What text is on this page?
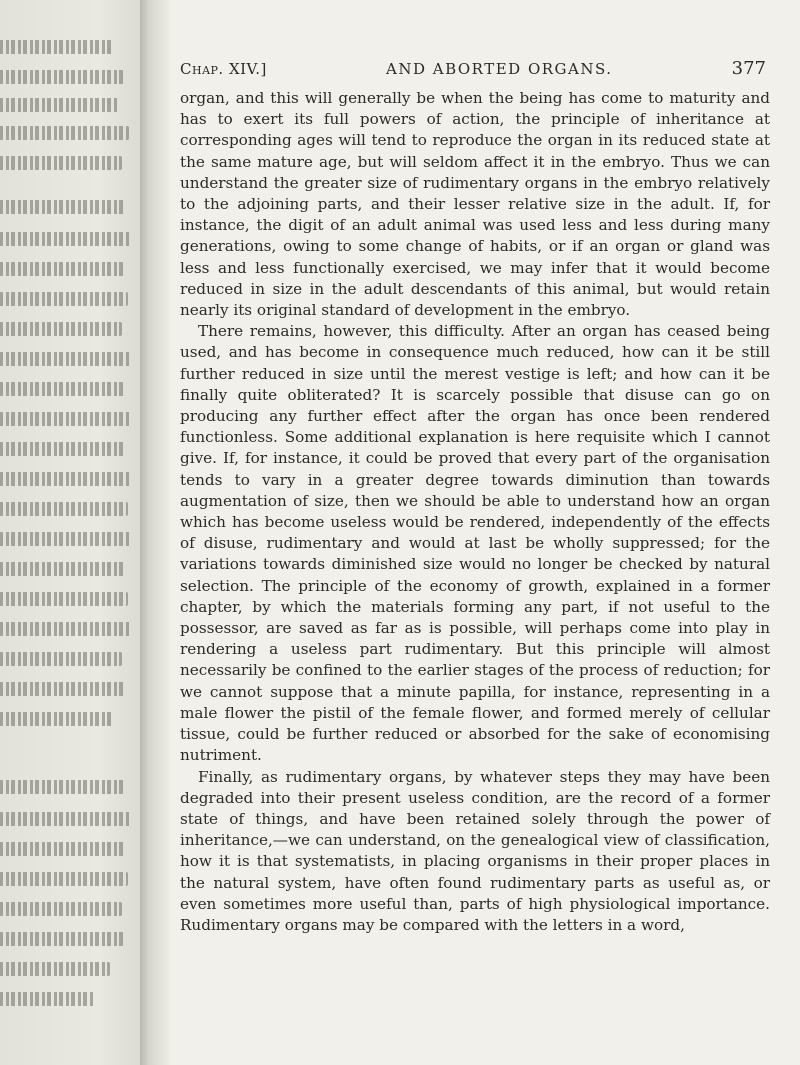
Chap. XIV.]	AND ABORTED ORGANS.	377

organ, and this will generally be when the being has come to maturity and has to exert its full powers of action, the principle of inheritance at corresponding ages will tend to reproduce the organ in its reduced state at the same mature age, but will seldom affect it in the embryo. Thus we can understand the greater size of rudimentary organs in the embryo relatively to the adjoining parts, and their lesser relative size in the adult. If, for instance, the digit of an adult animal was used less and less during many generations, owing to some change of habits, or if an organ or gland was less and less functionally exercised, we may infer that it would become reduced in size in the adult descendants of this animal, but would retain nearly its original standard of development in the embryo.

There remains, however, this difficulty. After an organ has ceased being used, and has become in consequence much reduced, how can it be still further reduced in size until the merest vestige is left; and how can it be finally quite obliterated? It is scarcely possible that disuse can go on producing any further effect after the organ has once been rendered functionless. Some additional explanation is here requisite which I cannot give. If, for instance, it could be proved that every part of the organisation tends to vary in a greater degree towards diminution than towards augmentation of size, then we should be able to understand how an organ which has become useless would be rendered, independently of the effects of disuse, rudimentary and would at last be wholly suppressed; for the variations towards diminished size would no longer be checked by natural selection. The principle of the economy of growth, explained in a former chapter, by which the materials forming any part, if not useful to the possessor, are saved as far as is possible, will perhaps come into play in rendering a useless part rudimentary. But this principle will almost necessarily be confined to the earlier stages of the process of reduction; for we cannot suppose that a minute papilla, for instance, representing in a male flower the pistil of the female flower, and formed merely of cellular tissue, could be further reduced or absorbed for the sake of economising nutriment.

Finally, as rudimentary organs, by whatever steps they may have been degraded into their present useless condition, are the record of a former state of things, and have been retained solely through the power of inheritance,—we can understand, on the genealogical view of classification, how it is that systematists, in placing organisms in their proper places in the natural system, have often found rudimentary parts as useful as, or even sometimes more useful than, parts of high physiological importance. Rudimentary organs may be compared with the letters in a word,
